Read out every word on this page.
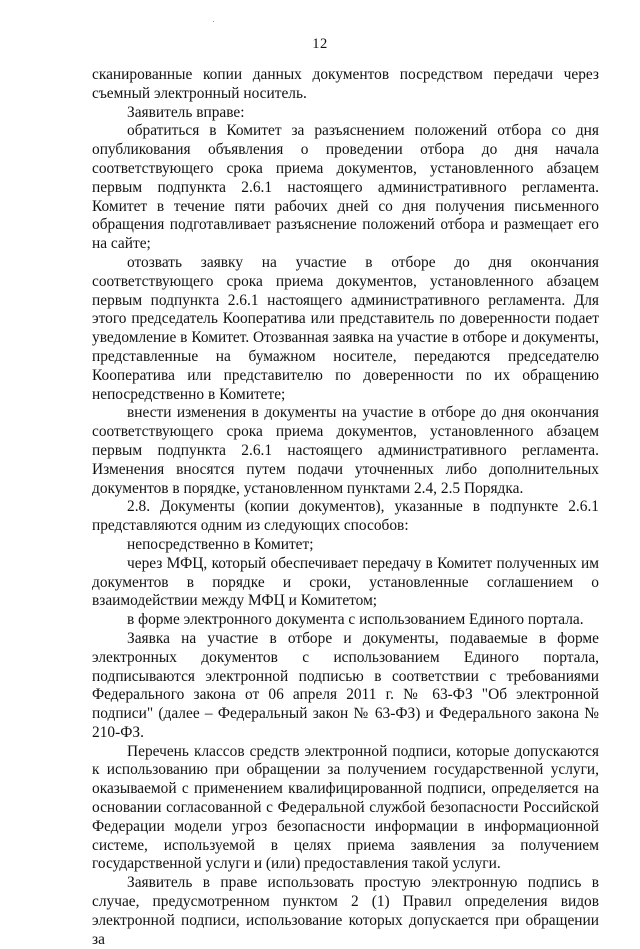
12

сканированные копии данных документов посредством передачи через съемный электронный носитель.

Заявитель вправе:

обратиться в Комитет за разъяснением положений отбора со дня опубликования объявления о проведении отбора до дня начала соответствующего срока приема документов, установленного абзацем первым подпункта 2.6.1 настоящего административного регламента. Комитет в течение пяти рабочих дней со дня получения письменного обращения подготавливает разъяснение положений отбора и размещает его на сайте;

отозвать заявку на участие в отборе до дня окончания соответствующего срока приема документов, установленного абзацем первым подпункта 2.6.1 настоящего административного регламента. Для этого председатель Кооператива или представитель по доверенности подает уведомление в Комитет. Отозванная заявка на участие в отборе и документы, представленные на бумажном носителе, передаются председателю Кооператива или представителю по доверенности по их обращению непосредственно в Комитете;

внести изменения в документы на участие в отборе до дня окончания соответствующего срока приема документов, установленного абзацем первым подпункта 2.6.1 настоящего административного регламента. Изменения вносятся путем подачи уточненных либо дополнительных документов в порядке, установленном пунктами 2.4, 2.5 Порядка.

2.8. Документы (копии документов), указанные в подпункте 2.6.1 представляются одним из следующих способов:

непосредственно в Комитет;

через МФЦ, который обеспечивает передачу в Комитет полученных им документов в порядке и сроки, установленные соглашением о взаимодействии между МФЦ и Комитетом;

в форме электронного документа с использованием Единого портала.

Заявка на участие в отборе и документы, подаваемые в форме электронных документов с использованием Единого портала, подписываются электронной подписью в соответствии с требованиями Федерального закона от 06 апреля 2011 г. № 63-ФЗ "Об электронной подписи" (далее – Федеральный закон № 63-ФЗ) и Федерального закона № 210-ФЗ.

Перечень классов средств электронной подписи, которые допускаются к использованию при обращении за получением государственной услуги, оказываемой с применением квалифицированной подписи, определяется на основании согласованной с Федеральной службой безопасности Российской Федерации модели угроз безопасности информации в информационной системе, используемой в целях приема заявления за получением государственной услуги и (или) предоставления такой услуги.

Заявитель в праве использовать простую электронную подпись в случае, предусмотренном пунктом 2 (1) Правил определения видов электронной подписи, использование которых допускается при обращении за
